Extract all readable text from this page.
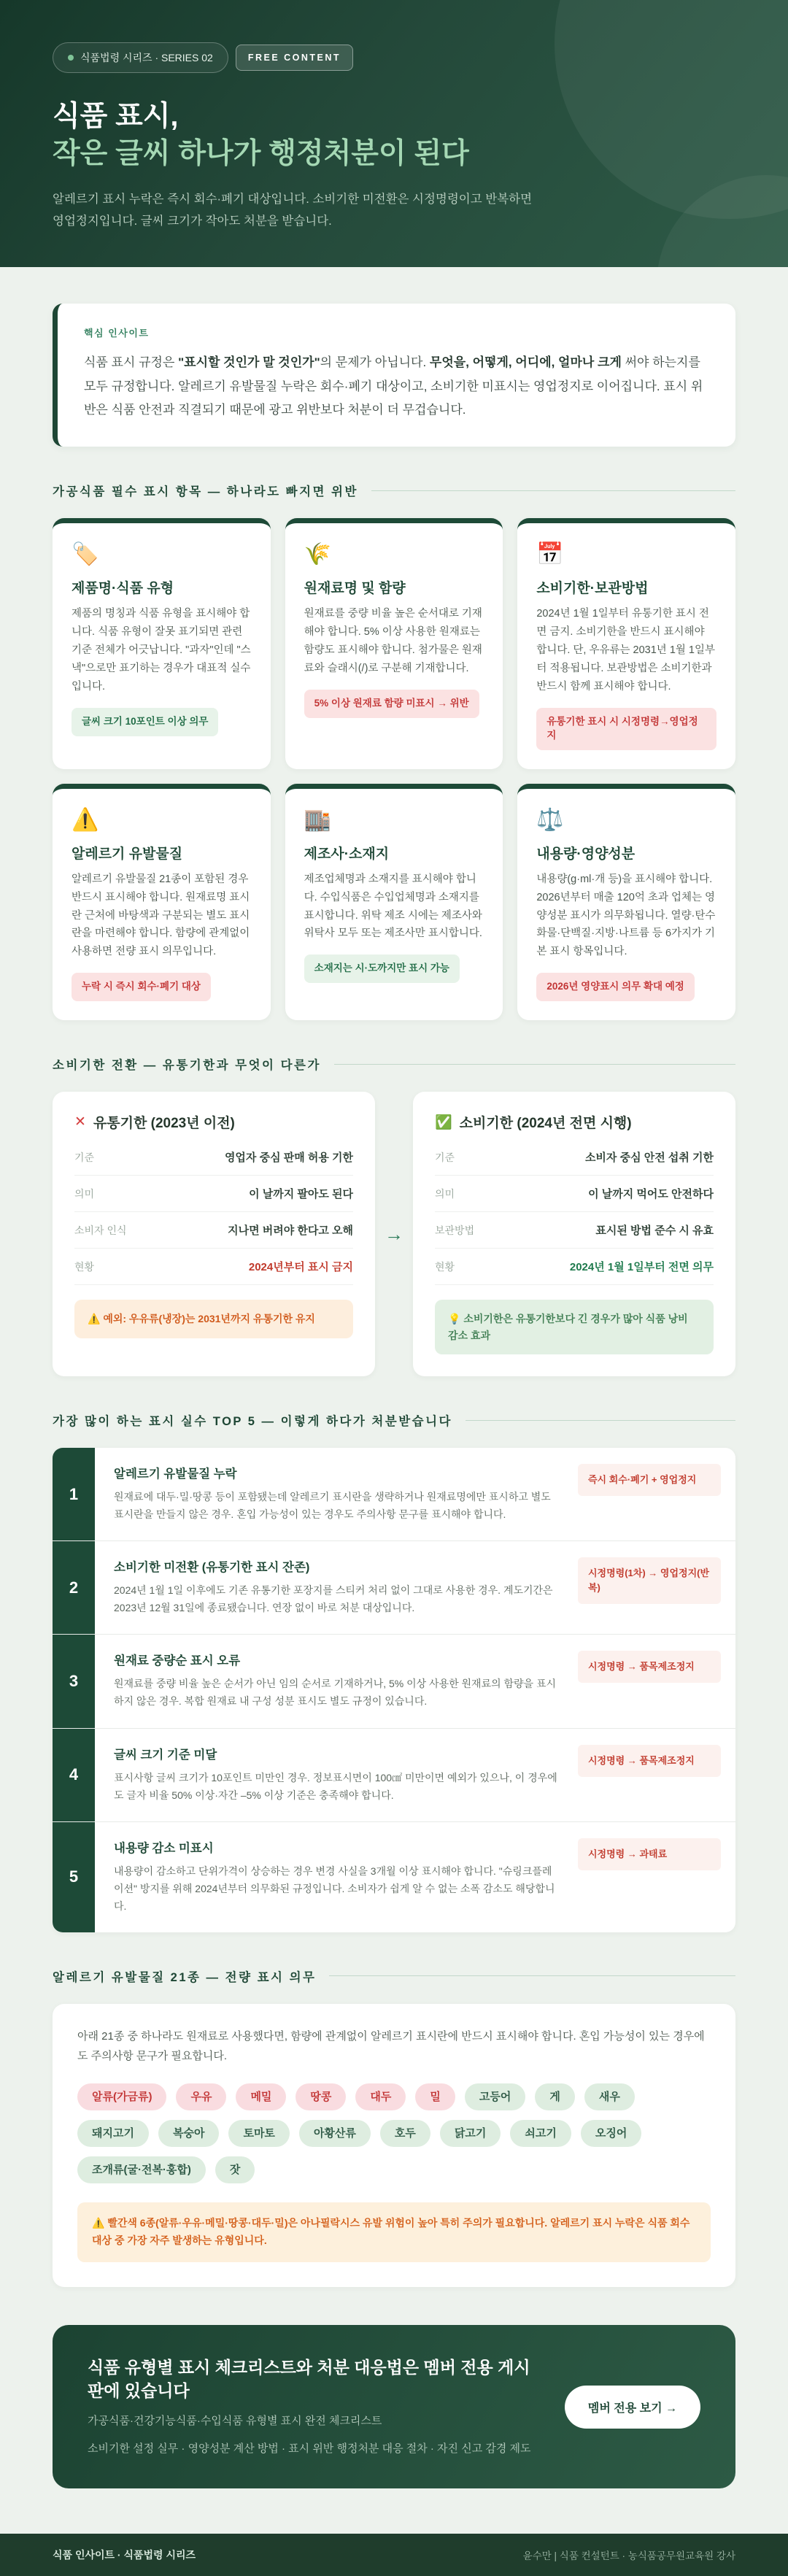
식품법령 시리즈 · SERIES 02	FREE CONTENT
식품 표시,
작은 글씨 하나가 행정처분이 된다

알레르기 표시 누락은 즉시 회수·폐기 대상입니다. 소비기한 미전환은 시정명령이고 반복하면 영업정지입니다. 글씨 크기가 작아도 처분을 받습니다.

핵심 인사이트

식품 표시 규정은 "표시할 것인가 말 것인가"의 문제가 아닙니다. 무엇을, 어떻게, 어디에, 얼마나 크게 써야 하는지를 모두 규정합니다. 알레르기 유발물질 누락은 회수·폐기 대상이고, 소비기한 미표시는 영업정지로 이어집니다. 표시 위반은 식품 안전과 직결되기 때문에 광고 위반보다 처분이 더 무겁습니다.

가공식품 필수 표시 항목 — 하나라도 빠지면 위반
🏷️
제품명·식품 유형

제품의 명칭과 식품 유형을 표시해야 합니다. 식품 유형이 잘못 표기되면 관련 기준 전체가 어긋납니다. "과자"인데 "스낵"으로만 표기하는 경우가 대표적 실수입니다.

글씨 크기 10포인트 이상 의무
🌾
원재료명 및 함량

원재료를 중량 비율 높은 순서대로 기재해야 합니다. 5% 이상 사용한 원재료는 함량도 표시해야 합니다. 첨가물은 원재료와 슬래시(/)로 구분해 기재합니다.

5% 이상 원재료 함량 미표시 → 위반
📅
소비기한·보관방법

2024년 1월 1일부터 유통기한 표시 전면 금지. 소비기한을 반드시 표시해야 합니다. 단, 우유류는 2031년 1월 1일부터 적용됩니다. 보관방법은 소비기한과 반드시 함께 표시해야 합니다.

유통기한 표시 시 시정명령→영업정지
⚠️
알레르기 유발물질

알레르기 유발물질 21종이 포함된 경우 반드시 표시해야 합니다. 원재료명 표시란 근처에 바탕색과 구분되는 별도 표시란을 마련해야 합니다. 함량에 관계없이 사용하면 전량 표시 의무입니다.

누락 시 즉시 회수·폐기 대상
🏬
제조사·소재지

제조업체명과 소재지를 표시해야 합니다. 수입식품은 수입업체명과 소재지를 표시합니다. 위탁 제조 시에는 제조사와 위탁사 모두 또는 제조사만 표시합니다.

소재지는 시·도까지만 표시 가능
⚖️
내용량·영양성분

내용량(g·ml·개 등)을 표시해야 합니다. 2026년부터 매출 120억 초과 업체는 영양성분 표시가 의무화됩니다. 열량·탄수화물·단백질·지방·나트륨 등 6가지가 기본 표시 항목입니다.

2026년 영양표시 의무 확대 예정
소비기한 전환 — 유통기한과 무엇이 다른가
✕ 유통기한 (2023년 이전)
기준	영업자 중심 판매 허용 기한
의미	이 날까지 팔아도 된다
소비자 인식	지나면 버려야 한다고 오해
현황	2024년부터 표시 금지
⚠️ 예외: 우유류(냉장)는 2031년까지 유통기한 유지
→
✅ 소비기한 (2024년 전면 시행)
기준	소비자 중심 안전 섭취 기한
의미	이 날까지 먹어도 안전하다
보관방법	표시된 방법 준수 시 유효
현황	2024년 1월 1일부터 전면 의무
💡 소비기한은 유통기한보다 긴 경우가 많아 식품 낭비 감소 효과
가장 많이 하는 표시 실수 TOP 5 — 이렇게 하다가 처분받습니다
1
알레르기 유발물질 누락

원재료에 대두·밀·땅콩 등이 포함됐는데 알레르기 표시란을 생략하거나 원재료명에만 표시하고 별도 표시란을 만들지 않은 경우. 혼입 가능성이 있는 경우도 주의사항 문구를 표시해야 합니다.

즉시 회수·폐기 + 영업정지
2
소비기한 미전환 (유통기한 표시 잔존)

2024년 1월 1일 이후에도 기존 유통기한 포장지를 스티커 처리 없이 그대로 사용한 경우. 계도기간은 2023년 12월 31일에 종료됐습니다. 연장 없이 바로 처분 대상입니다.

시정명령(1차) → 영업정지(반복)
3
원재료 중량순 표시 오류

원재료를 중량 비율 높은 순서가 아닌 임의 순서로 기재하거나, 5% 이상 사용한 원재료의 함량을 표시하지 않은 경우. 복합 원재료 내 구성 성분 표시도 별도 규정이 있습니다.

시정명령 → 품목제조정지
4
글씨 크기 기준 미달

표시사항 글씨 크기가 10포인트 미만인 경우. 정보표시면이 100㎠ 미만이면 예외가 있으나, 이 경우에도 글자 비율 50% 이상·자간 –5% 이상 기준은 충족해야 합니다.

시정명령 → 품목제조정지
5
내용량 감소 미표시

내용량이 감소하고 단위가격이 상승하는 경우 변경 사실을 3개월 이상 표시해야 합니다. "슈링크플레이션" 방지를 위해 2024년부터 의무화된 규정입니다. 소비자가 쉽게 알 수 없는 소폭 감소도 해당합니다.

시정명령 → 과태료
알레르기 유발물질 21종 — 전량 표시 의무

아래 21종 중 하나라도 원재료로 사용했다면, 함량에 관계없이 알레르기 표시란에 반드시 표시해야 합니다. 혼입 가능성이 있는 경우에도 주의사항 문구가 필요합니다.

알류(가금류)	우유	메밀	땅콩	대두	밀	고등어	게	새우
돼지고기	복숭아	토마토	아황산류	호두	닭고기	쇠고기	오징어
조개류(굴·전복·홍합)	잣
⚠️ 빨간색 6종(알류·우유·메밀·땅콩·대두·밀)은 아나필락시스 유발 위험이 높아 특히 주의가 필요합니다. 알레르기 표시 누락은 식품 회수 대상 중 가장 자주 발생하는 유형입니다.
식품 유형별 표시 체크리스트와 처분 대응법은 멤버 전용 게시판에 있습니다

가공식품·건강기능식품·수입식품 유형별 표시 완전 체크리스트

소비기한 설정 실무 · 영양성분 계산 방법 · 표시 위반 행정처분 대응 절차 · 자진 신고 감경 제도

멤버 전용 보기 →
식품 인사이트 · 식품법령 시리즈	윤수만 | 식품 컨설턴트 · 농식품공무원교육원 강사
